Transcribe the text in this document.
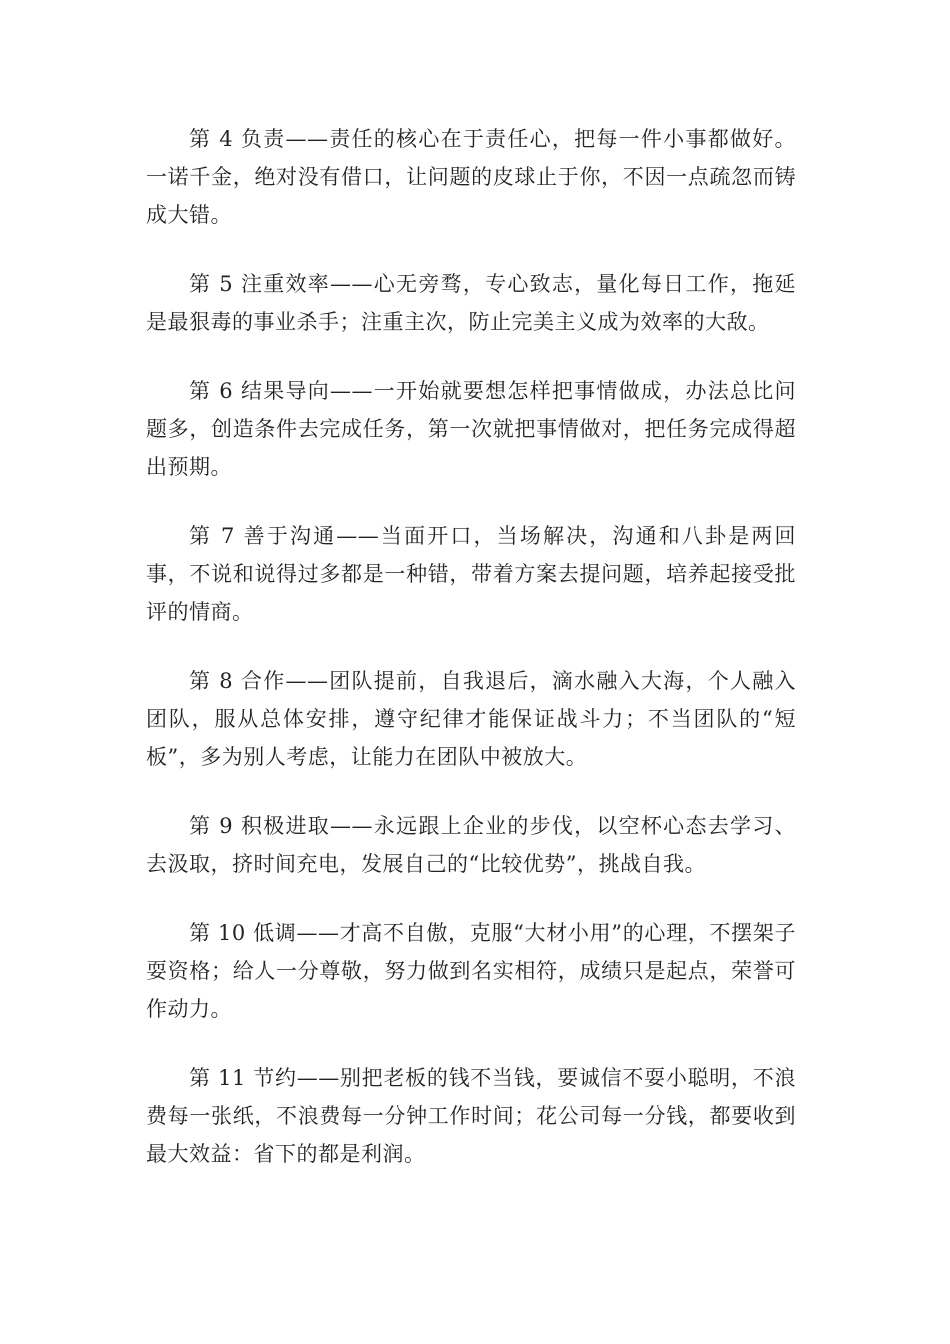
第 4 负责——责任的核心在于责任心，把每一件小事都做好。一诺千金，绝对没有借口，让问题的皮球止于你，不因一点疏忽而铸成大错。

第 5 注重效率——心无旁骛，专心致志，量化每日工作，拖延是最狠毒的事业杀手；注重主次，防止完美主义成为效率的大敌。

第 6 结果导向——一开始就要想怎样把事情做成，办法总比问题多，创造条件去完成任务，第一次就把事情做对，把任务完成得超出预期。

第 7 善于沟通——当面开口，当场解决，沟通和八卦是两回事，不说和说得过多都是一种错，带着方案去提问题，培养起接受批评的情商。

第 8 合作——团队提前，自我退后，滴水融入大海，个人融入团队，服从总体安排，遵守纪律才能保证战斗力；不当团队的“短板”，多为别人考虑，让能力在团队中被放大。

第 9 积极进取——永远跟上企业的步伐，以空杯心态去学习、去汲取，挤时间充电，发展自己的“比较优势”，挑战自我。

第 10 低调——才高不自傲，克服“大材小用”的心理，不摆架子耍资格；给人一分尊敬，努力做到名实相符，成绩只是起点，荣誉可作动力。

第 11 节约——别把老板的钱不当钱，要诚信不耍小聪明，不浪费每一张纸，不浪费每一分钟工作时间；花公司每一分钱，都要收到最大效益：省下的都是利润。
